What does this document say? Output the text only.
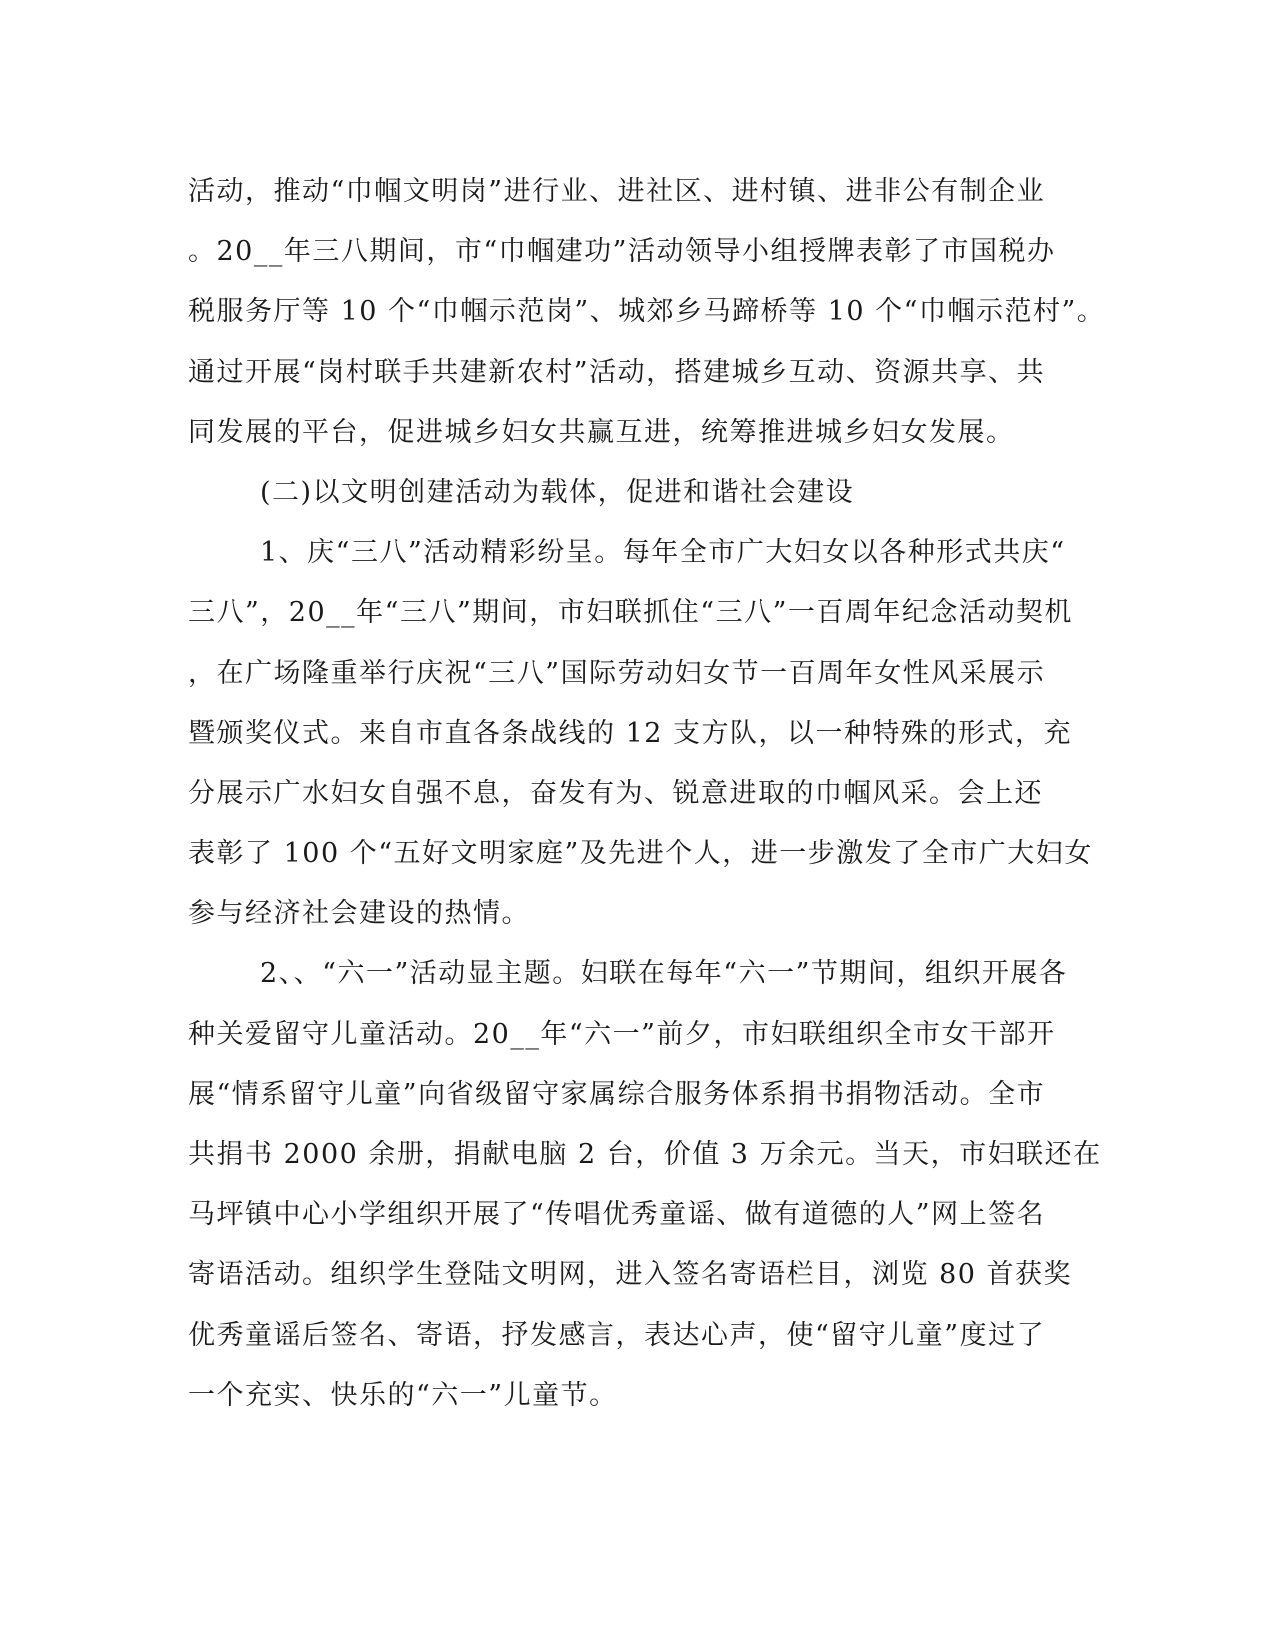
活动，推动“巾帼文明岗”进行业、进社区、进村镇、进非公有制企业
。20__年三八期间，市“巾帼建功”活动领导小组授牌表彰了市国税办
税服务厅等 10 个“巾帼示范岗”、城郊乡马蹄桥等 10 个“巾帼示范村”。
通过开展“岗村联手共建新农村”活动，搭建城乡互动、资源共享、共
同发展的平台，促进城乡妇女共赢互进，统筹推进城乡妇女发展。
(二)以文明创建活动为载体，促进和谐社会建设
1、庆“三八”活动精彩纷呈。每年全市广大妇女以各种形式共庆“
三八”，20__年“三八”期间，市妇联抓住“三八”一百周年纪念活动契机
，在广场隆重举行庆祝“三八”国际劳动妇女节一百周年女性风采展示
暨颁奖仪式。来自市直各条战线的 12 支方队，以一种特殊的形式，充
分展示广水妇女自强不息，奋发有为、锐意进取的巾帼风采。会上还
表彰了 100 个“五好文明家庭”及先进个人，进一步激发了全市广大妇女
参与经济社会建设的热情。
2、、“六一”活动显主题。妇联在每年“六一”节期间，组织开展各
种关爱留守儿童活动。20__年“六一”前夕，市妇联组织全市女干部开
展“情系留守儿童”向省级留守家属综合服务体系捐书捐物活动。全市
共捐书 2000 余册，捐献电脑 2 台，价值 3 万余元。当天，市妇联还在
马坪镇中心小学组织开展了“传唱优秀童谣、做有道德的人”网上签名
寄语活动。组织学生登陆文明网，进入签名寄语栏目，浏览 80 首获奖
优秀童谣后签名、寄语，抒发感言，表达心声，使“留守儿童”度过了
一个充实、快乐的“六一”儿童节。
